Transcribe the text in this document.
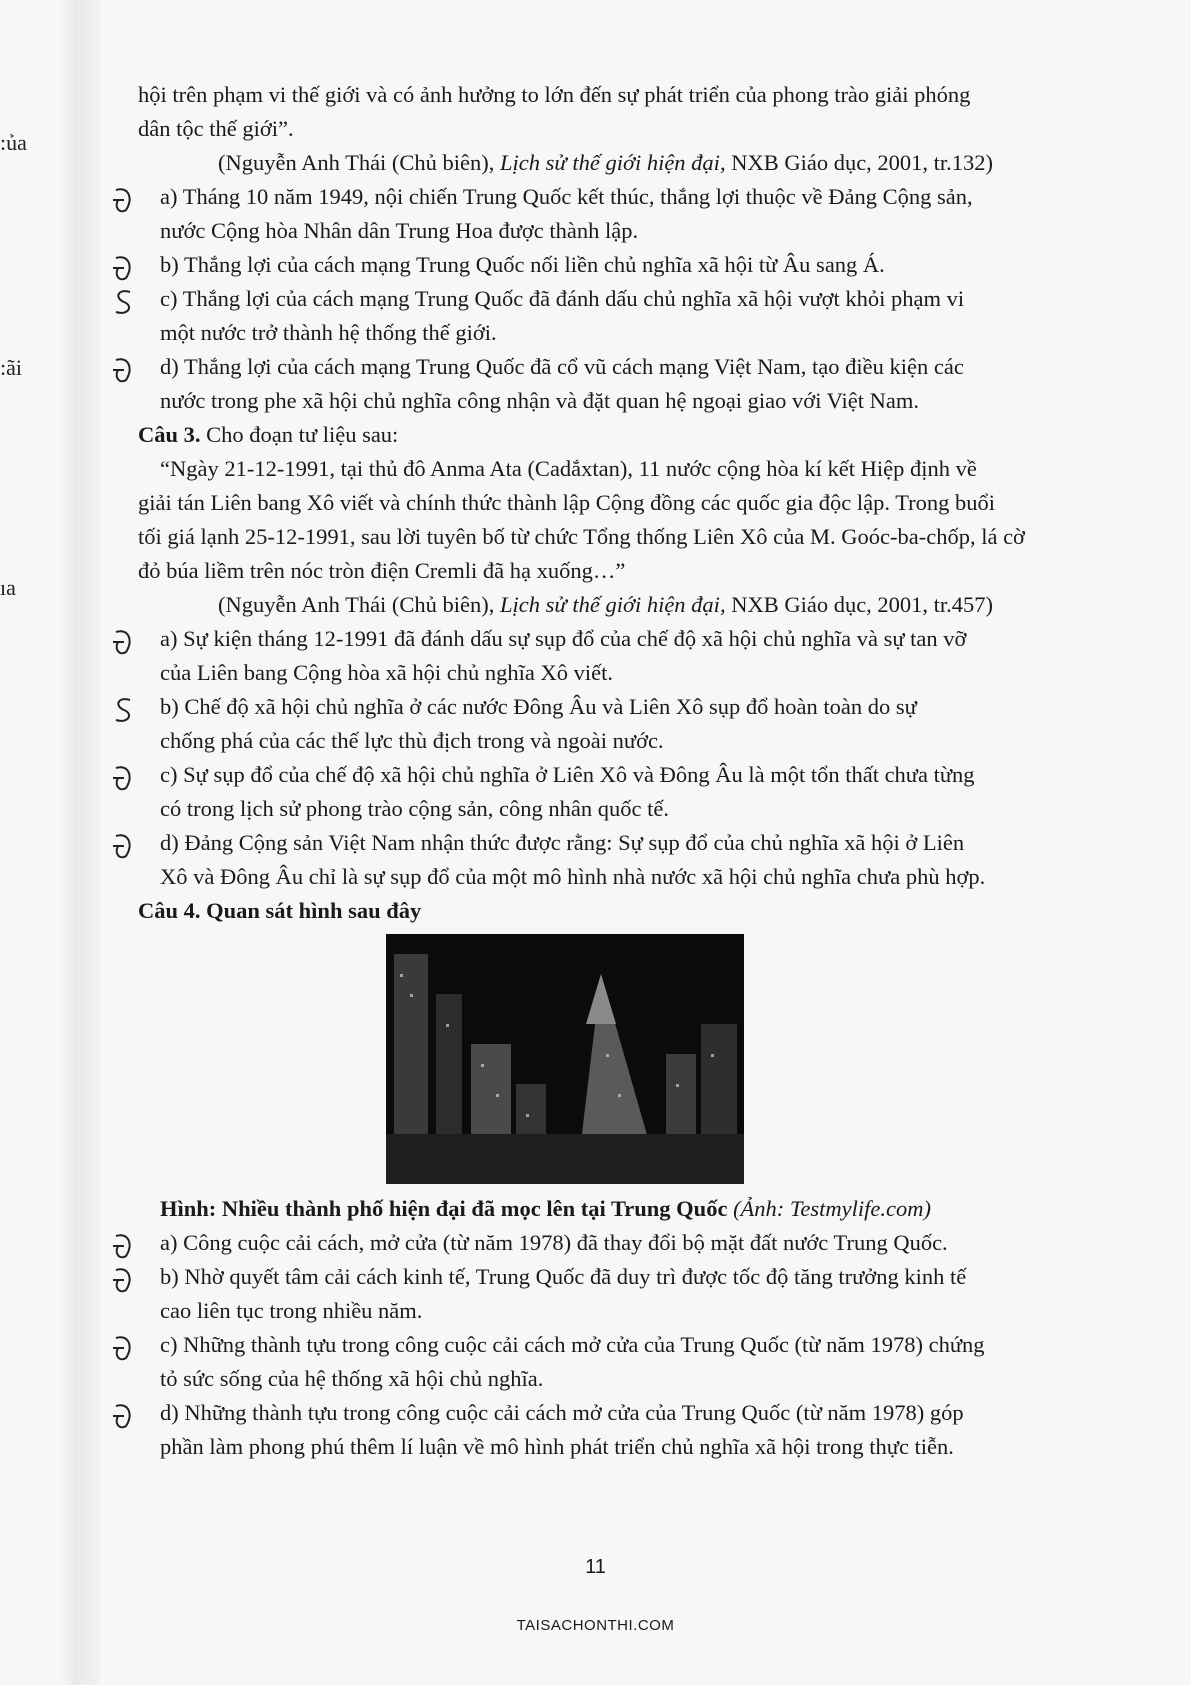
:ủa
:ãi
ıa
hội trên phạm vi thế giới và có ảnh hưởng to lớn đến sự phát triển của phong trào giải phóng
dân tộc thế giới”.
(Nguyễn Anh Thái (Chủ biên), Lịch sử thế giới hiện đại, NXB Giáo dục, 2001, tr.132)
a) Tháng 10 năm 1949, nội chiến Trung Quốc kết thúc, thắng lợi thuộc về Đảng Cộng sản,
nước Cộng hòa Nhân dân Trung Hoa được thành lập.
b) Thắng lợi của cách mạng Trung Quốc nối liền chủ nghĩa xã hội từ Âu sang Á.
c) Thắng lợi của cách mạng Trung Quốc đã đánh dấu chủ nghĩa xã hội vượt khỏi phạm vi
một nước trở thành hệ thống thế giới.
d) Thắng lợi của cách mạng Trung Quốc đã cổ vũ cách mạng Việt Nam, tạo điều kiện các
nước trong phe xã hội chủ nghĩa công nhận và đặt quan hệ ngoại giao với Việt Nam.
Câu 3. Cho đoạn tư liệu sau:
“Ngày 21-12-1991, tại thủ đô Anma Ata (Cadắxtan), 11 nước cộng hòa kí kết Hiệp định về
giải tán Liên bang Xô viết và chính thức thành lập Cộng đồng các quốc gia độc lập. Trong buổi
tối giá lạnh 25-12-1991, sau lời tuyên bố từ chức Tổng thống Liên Xô của M. Goóc-ba-chốp, lá cờ
đỏ búa liềm trên nóc tròn điện Cremli đã hạ xuống…”
(Nguyễn Anh Thái (Chủ biên), Lịch sử thế giới hiện đại, NXB Giáo dục, 2001, tr.457)
a) Sự kiện tháng 12-1991 đã đánh dấu sự sụp đổ của chế độ xã hội chủ nghĩa và sự tan vỡ
của Liên bang Cộng hòa xã hội chủ nghĩa Xô viết.
b) Chế độ xã hội chủ nghĩa ở các nước Đông Âu và Liên Xô sụp đổ hoàn toàn do sự
chống phá của các thế lực thù địch trong và ngoài nước.
c) Sự sụp đổ của chế độ xã hội chủ nghĩa ở Liên Xô và Đông Âu là một tổn thất chưa từng
có trong lịch sử phong trào cộng sản, công nhân quốc tế.
d) Đảng Cộng sản Việt Nam nhận thức được rằng: Sự sụp đổ của chủ nghĩa xã hội ở Liên
Xô và Đông Âu chỉ là sự sụp đổ của một mô hình nhà nước xã hội chủ nghĩa chưa phù hợp.
Câu 4. Quan sát hình sau đây
Hình: Nhiều thành phố hiện đại đã mọc lên tại Trung Quốc (Ảnh: Testmylife.com)
a) Công cuộc cải cách, mở cửa (từ năm 1978) đã thay đổi bộ mặt đất nước Trung Quốc.
b) Nhờ quyết tâm cải cách kinh tế, Trung Quốc đã duy trì được tốc độ tăng trưởng kinh tế
cao liên tục trong nhiều năm.
c) Những thành tựu trong công cuộc cải cách mở cửa của Trung Quốc (từ năm 1978) chứng
tỏ sức sống của hệ thống xã hội chủ nghĩa.
d) Những thành tựu trong công cuộc cải cách mở cửa của Trung Quốc (từ năm 1978) góp
phần làm phong phú thêm lí luận về mô hình phát triển chủ nghĩa xã hội trong thực tiễn.
11
TAISACHONTHI.COM
